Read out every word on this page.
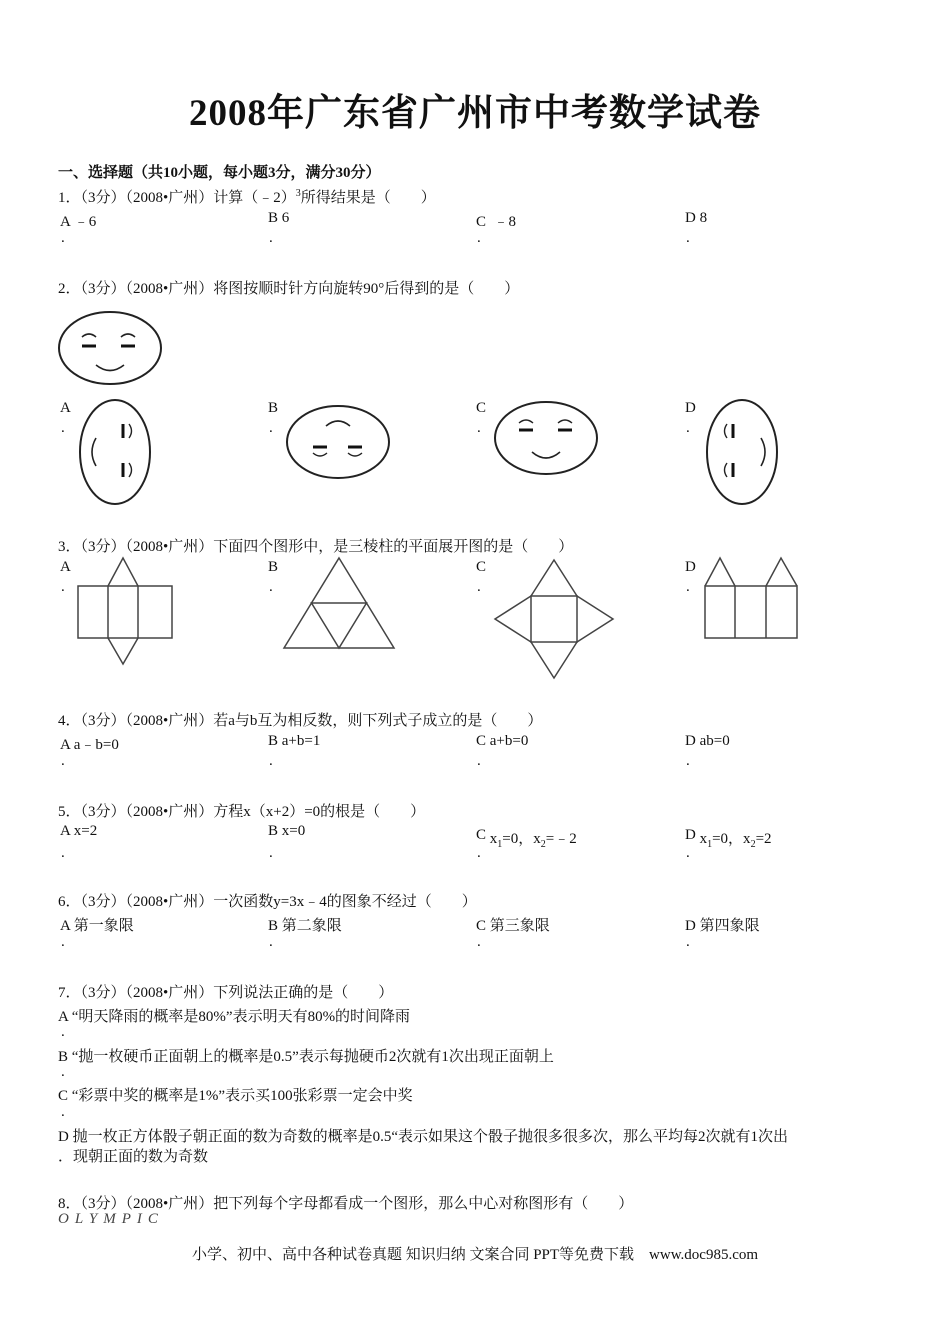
2008年广东省广州市中考数学试卷
一、选择题（共10小题，每小题3分，满分30分）
1．（3分）（2008•广州）计算（﹣2）$^3$所得结果是（　　）
A ﹣6	B 6	C ﹣8	D 8
.	.	.	.
2．（3分）（2008•广州）将图按顺时针方向旋转90°后得到的是（　　）
A
.
B
.
C
.
D
.
3．（3分）（2008•广州）下面四个图形中，是三棱柱的平面展开图的是（　　）
A
.
B
.
C
.
D
.
4．（3分）（2008•广州）若a与b互为相反数，则下列式子成立的是（　　）
A a﹣b=0	B a+b=1	C a+b=0	D ab=0
.	.	.	.
5．（3分）（2008•广州）方程x（x+2）=0的根是（　　）
A x=2	B x=0	C $x_1=0$，$x_2=﹣2$	D $x_1=0$，$x_2=2$
.	.	.	.
6．（3分）（2008•广州）一次函数y=3x﹣4的图象不经过（　　）
A 第一象限	B 第二象限	C 第三象限	D 第四象限
.	.	.	.
7．（3分）（2008•广州）下列说法正确的是（　　）
A “明天降雨的概率是80%”表示明天有80%的时间降雨
.
B “抛一枚硬币正面朝上的概率是0.5”表示每抛硬币2次就有1次出现正面朝上
.
C “彩票中奖的概率是1%”表示买100张彩票一定会中奖
.
D 抛一枚正方体骰子朝正面的数为奇数的概率是0.5“表示如果这个骰子抛很多很多次，那么平均每2次就有1次出
．现朝正面的数为奇数
8．（3分）（2008•广州）把下列每个字母都看成一个图形，那么中心对称图形有（　　）
OLYMPIC
小学、初中、高中各种试卷真题 知识归纳 文案合同 PPT等免费下载　www.doc985.com
